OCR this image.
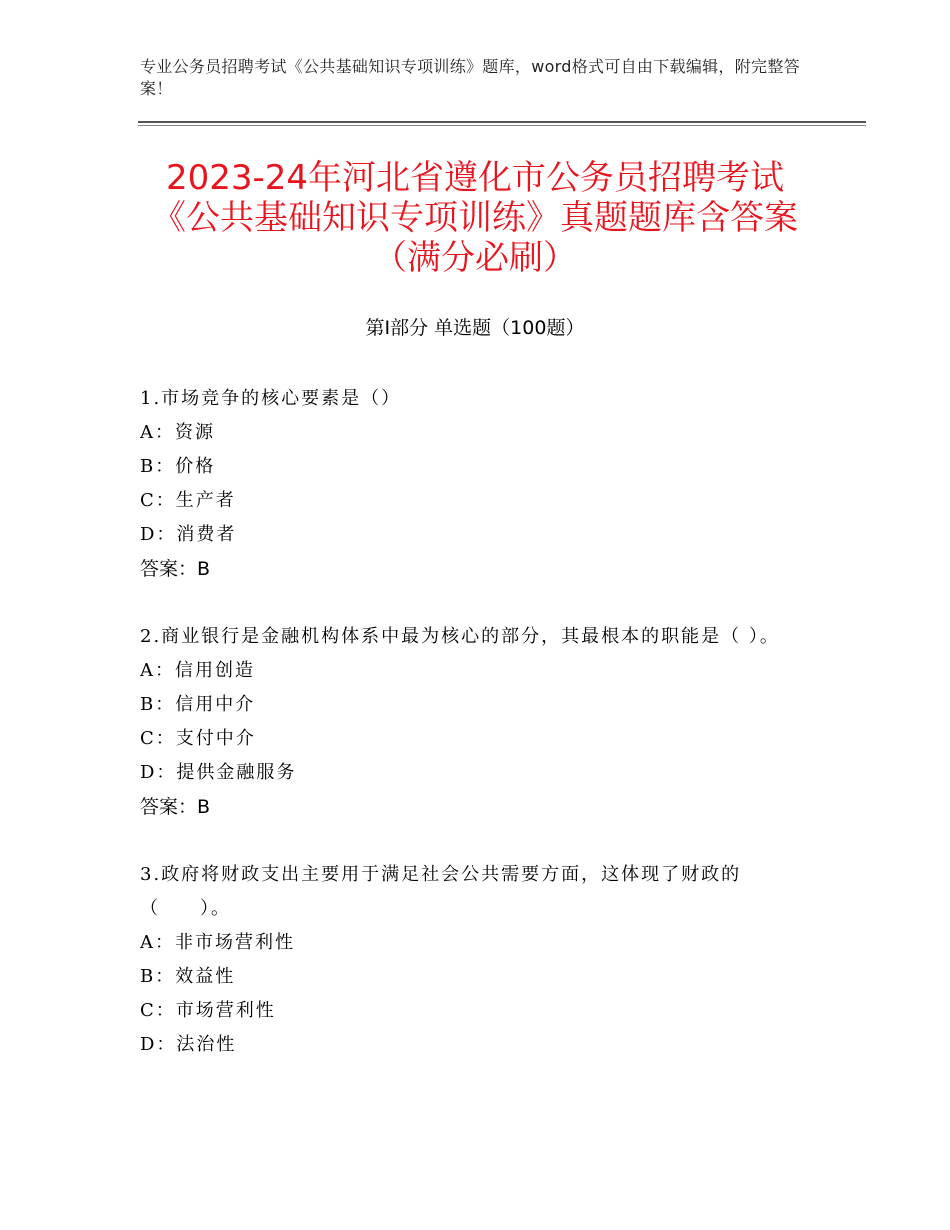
专业公务员招聘考试《公共基础知识专项训练》题库，word格式可自由下载编辑，附完整答案！
2023-24年河北省遵化市公务员招聘考试
《公共基础知识专项训练》真题题库含答案
（满分必刷）
第Ⅰ部分 单选题（100题）
1.市场竞争的核心要素是（）
A：资源
B：价格
C：生产者
D：消费者
答案：B
2.商业银行是金融机构体系中最为核心的部分，其最根本的职能是（ ）。
A：信用创造
B：信用中介
C：支付中介
D：提供金融服务
答案：B
3.政府将财政支出主要用于满足社会公共需要方面，这体现了财政的（　　）。
A：非市场营利性
B：效益性
C：市场营利性
D：法治性
